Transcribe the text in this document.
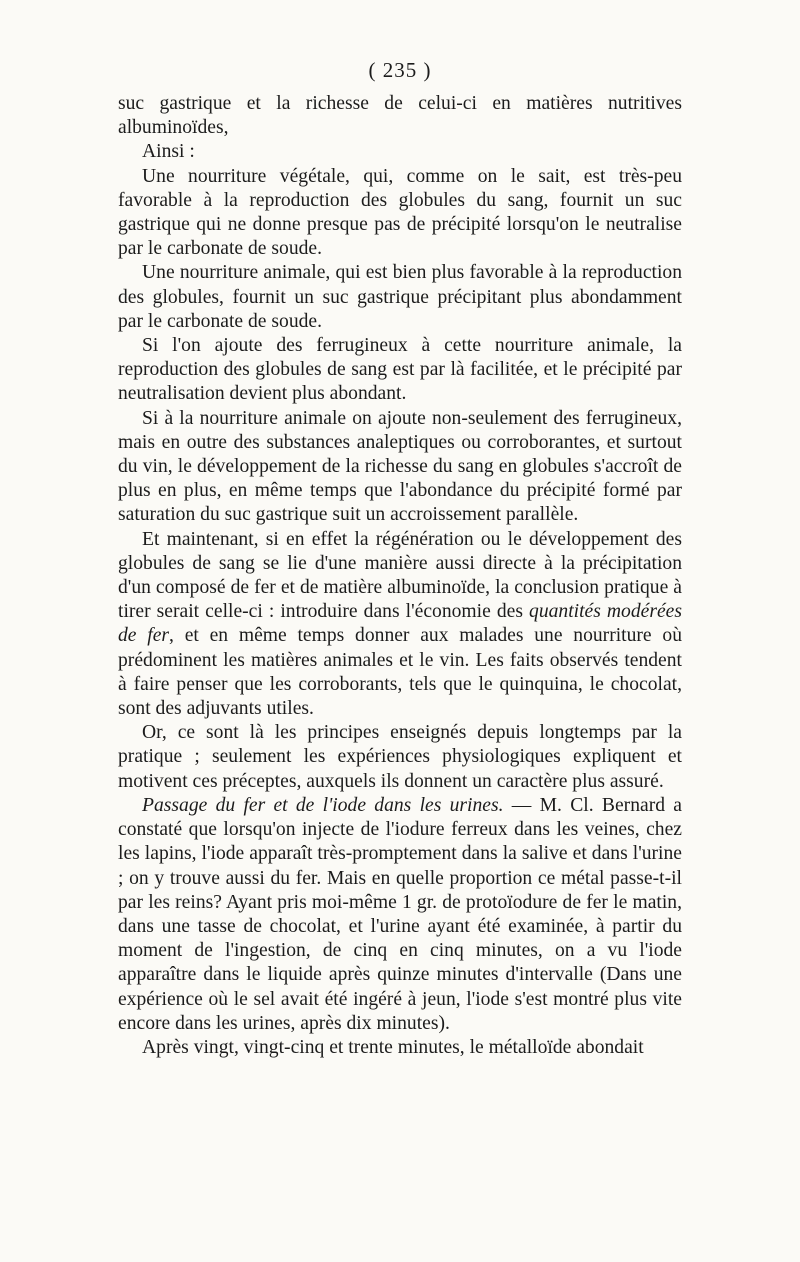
( 235 )

suc gastrique et la richesse de celui-ci en matières nutritives albuminoïdes,

Ainsi :

Une nourriture végétale, qui, comme on le sait, est très-peu favorable à la reproduction des globules du sang, fournit un suc gastrique qui ne donne presque pas de précipité lorsqu'on le neutralise par le carbonate de soude.

Une nourriture animale, qui est bien plus favorable à la reproduction des globules, fournit un suc gastrique précipitant plus abondamment par le carbonate de soude.

Si l'on ajoute des ferrugineux à cette nourriture animale, la reproduction des globules de sang est par là facilitée, et le précipité par neutralisation devient plus abondant.

Si à la nourriture animale on ajoute non-seulement des ferrugineux, mais en outre des substances analeptiques ou corroborantes, et surtout du vin, le développement de la richesse du sang en globules s'accroît de plus en plus, en même temps que l'abondance du précipité formé par saturation du suc gastrique suit un accroissement parallèle.

Et maintenant, si en effet la régénération ou le développement des globules de sang se lie d'une manière aussi directe à la précipitation d'un composé de fer et de matière albuminoïde, la conclusion pratique à tirer serait celle-ci : introduire dans l'économie des quantités modérées de fer, et en même temps donner aux malades une nourriture où prédominent les matières animales et le vin. Les faits observés tendent à faire penser que les corroborants, tels que le quinquina, le chocolat, sont des adjuvants utiles.

Or, ce sont là les principes enseignés depuis longtemps par la pratique ; seulement les expériences physiologiques expliquent et motivent ces préceptes, auxquels ils donnent un caractère plus assuré.

Passage du fer et de l'iode dans les urines. — M. Cl. Bernard a constaté que lorsqu'on injecte de l'iodure ferreux dans les veines, chez les lapins, l'iode apparaît très-promptement dans la salive et dans l'urine ; on y trouve aussi du fer. Mais en quelle proportion ce métal passe-t-il par les reins? Ayant pris moi-même 1 gr. de protoïodure de fer le matin, dans une tasse de chocolat, et l'urine ayant été examinée, à partir du moment de l'ingestion, de cinq en cinq minutes, on a vu l'iode apparaître dans le liquide après quinze minutes d'intervalle (Dans une expérience où le sel avait été ingéré à jeun, l'iode s'est montré plus vite encore dans les urines, après dix minutes).

Après vingt, vingt-cinq et trente minutes, le métalloïde abondait
